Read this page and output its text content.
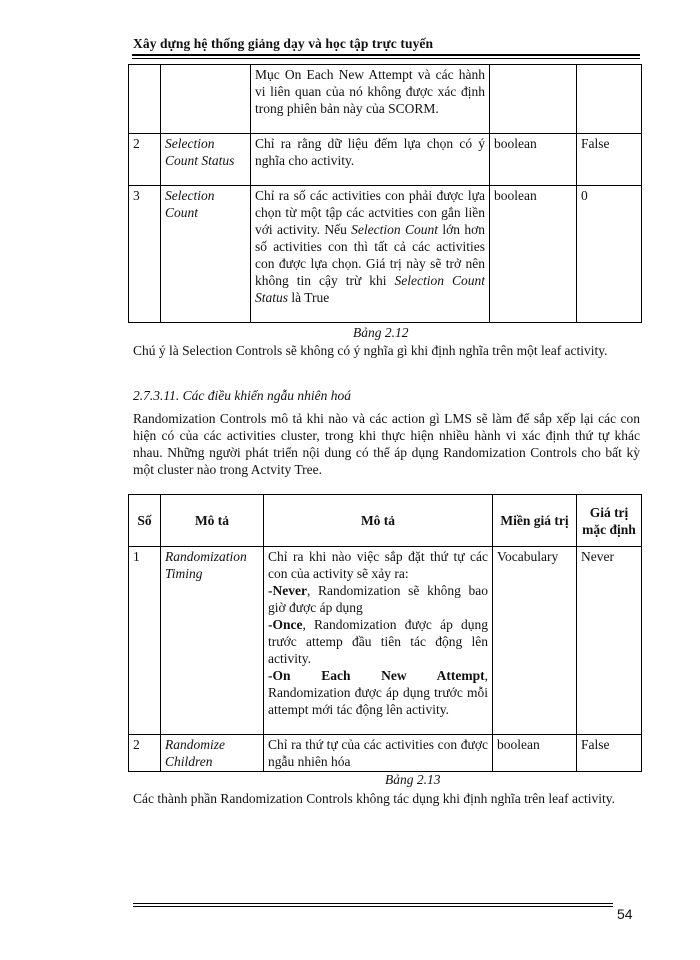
Xây dựng hệ thống giảng dạy và học tập trực tuyến
		Mục On Each New Attempt và các hành vi liên quan của nó không được xác định trong phiên bản này của SCORM.		
2	Selection Count Status	Chỉ ra rằng dữ liệu đếm lựa chọn có ý nghĩa cho activity.	boolean	False
3	Selection Count	Chỉ ra số các activities con phải được lựa chọn từ một tập các actvities con gắn liền với activity. Nếu Selection Count lớn hơn số activities con thì tất cả các activities con được lựa chọn. Giá trị này sẽ trở nên không tin cậy trừ khi Selection Count Status là True	boolean	0
Bảng 2.12
Chú ý là Selection Controls sẽ không có ý nghĩa gì khi định nghĩa trên một leaf activity.
2.7.3.11. Các điều khiển ngẫu nhiên hoá
Randomization Controls mô tả khi nào và các action gì LMS sẽ làm để sắp xếp lại các con hiện có của các activities cluster, trong khi thực hiện nhiều hành vi xác định thứ tự khác nhau. Những người phát triển nội dung có thể áp dụng Randomization Controls cho bất kỳ một cluster nào trong Actvity Tree.
Số	Mô tả	Mô tả	Miền giá trị	Giá trị mặc định
1	Randomization Timing	Chỉ ra khi nào việc sắp đặt thứ tự các con của activity sẽ xảy ra:
-Never, Randomization sẽ không bao giờ được áp dụng
-Once, Randomization được áp dụng trước attemp đầu tiên tác động lên activity.
-On Each New Attempt, Randomization được áp dụng trước mỗi attempt mới tác động lên activity.	Vocabulary	Never
2	Randomize Children	Chỉ ra thứ tự của các activities con được ngẫu nhiên hóa	boolean	False
Bảng 2.13
Các thành phần Randomization Controls không tác dụng khi định nghĩa trên leaf activity.
54
